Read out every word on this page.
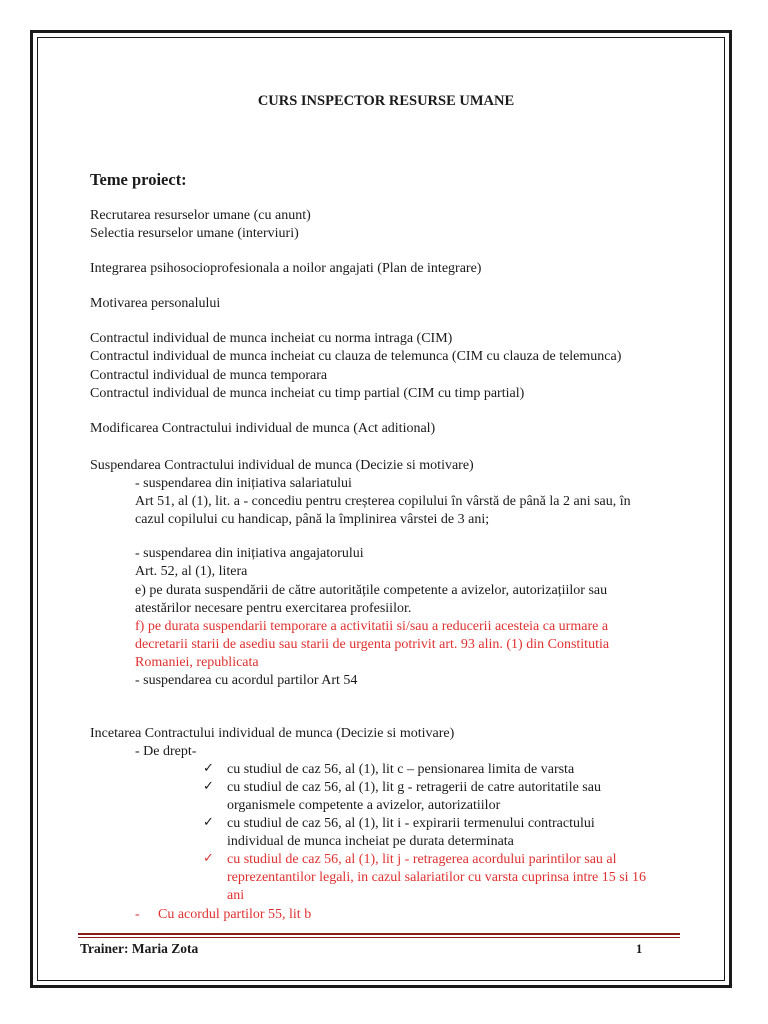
CURS INSPECTOR RESURSE UMANE
Teme proiect:
Recrutarea resurselor umane (cu anunt)
Selectia resurselor umane (interviuri)
Integrarea psihosocioprofesionala a noilor angajati (Plan de integrare)
Motivarea personalului
Contractul individual de munca incheiat cu norma intraga (CIM)
Contractul individual de munca incheiat cu clauza de telemunca (CIM cu clauza de telemunca)
Contractul individual de munca temporara
Contractul individual de munca incheiat cu timp partial (CIM cu timp partial)
Modificarea Contractului individual de munca (Act aditional)
Suspendarea Contractului individual de munca (Decizie si motivare)
- suspendarea din inițiativa salariatului
Art 51, al (1), lit. a - concediu pentru creșterea copilului în vârstă de până la 2 ani sau, în
cazul copilului cu handicap, până la împlinirea vârstei de 3 ani;
- suspendarea din inițiativa angajatorului
Art. 52, al (1), litera
e) pe durata suspendării de către autoritățile competente a avizelor, autorizațiilor sau
atestărilor necesare pentru exercitarea profesiilor.
f) pe durata suspendarii temporare a activitatii si/sau a reducerii acesteia ca urmare a
decretarii starii de asediu sau starii de urgenta potrivit art. 93 alin. (1) din Constitutia
Romaniei, republicata
- suspendarea cu acordul partilor Art 54
Incetarea Contractului individual de munca (Decizie si motivare)
- De drept-
✓ cu studiul de caz 56, al (1), lit c – pensionarea limita de varsta
✓ cu studiul de caz 56, al (1), lit g - retragerii de catre autoritatile sau
organismele competente a avizelor, autorizatiilor
✓ cu studiul de caz 56, al (1), lit i - expirarii termenului contractului
individual de munca incheiat pe durata determinata
✓ cu studiul de caz 56, al (1), lit j - retragerea acordului parintilor sau al
reprezentantilor legali, in cazul salariatilor cu varsta cuprinsa intre 15 si 16
ani
- Cu acordul partilor 55, lit b
Trainer: Maria Zota	1
